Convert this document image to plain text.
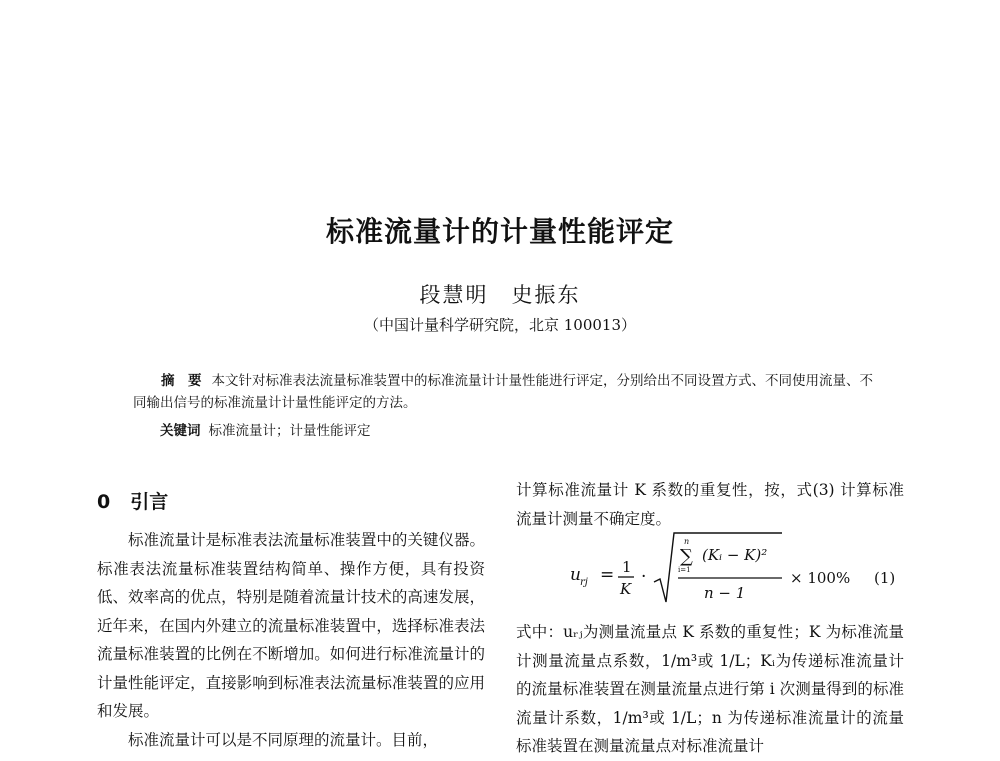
标准流量计的计量性能评定
段慧明　史振东
（中国计量科学研究院，北京 100013）
摘　要 本文针对标准表法流量标准装置中的标准流量计计量性能进行评定，分别给出不同设置方式、不同使用流量、不同输出信号的标准流量计计量性能评定的方法。
关键词 标准流量计；计量性能评定
0 引言

标准流量计是标准表法流量标准装置中的关键仪器。标准表法流量标准装置结构简单、操作方便，具有投资低、效率高的优点，特别是随着流量计技术的高速发展，近年来，在国内外建立的流量标准装置中，选择标准表法流量标准装置的比例在不断增加。如何进行标准流量计的计量性能评定，直接影响到标准表法流量标准装置的应用和发展。

标准流量计可以是不同原理的流量计。目前，

计算标准流量计 K 系数的重复性，按，式(3) 计算标准流量计测量不确定度。

u rj = 1
K
·
n
∑
i=1
(Kᵢ − K)²
n − 1
× 100% (1)

式中：uᵣⱼ为测量流量点 K 系数的重复性；K 为标准流量计测量流量点系数，1/m³或 1/L；Kᵢ为传递标准流量计的流量标准装置在测量流量点进行第 i 次测量得到的标准流量计系数，1/m³或 1/L；n 为传递标准流量计的流量标准装置在测量流量点对标准流量计
